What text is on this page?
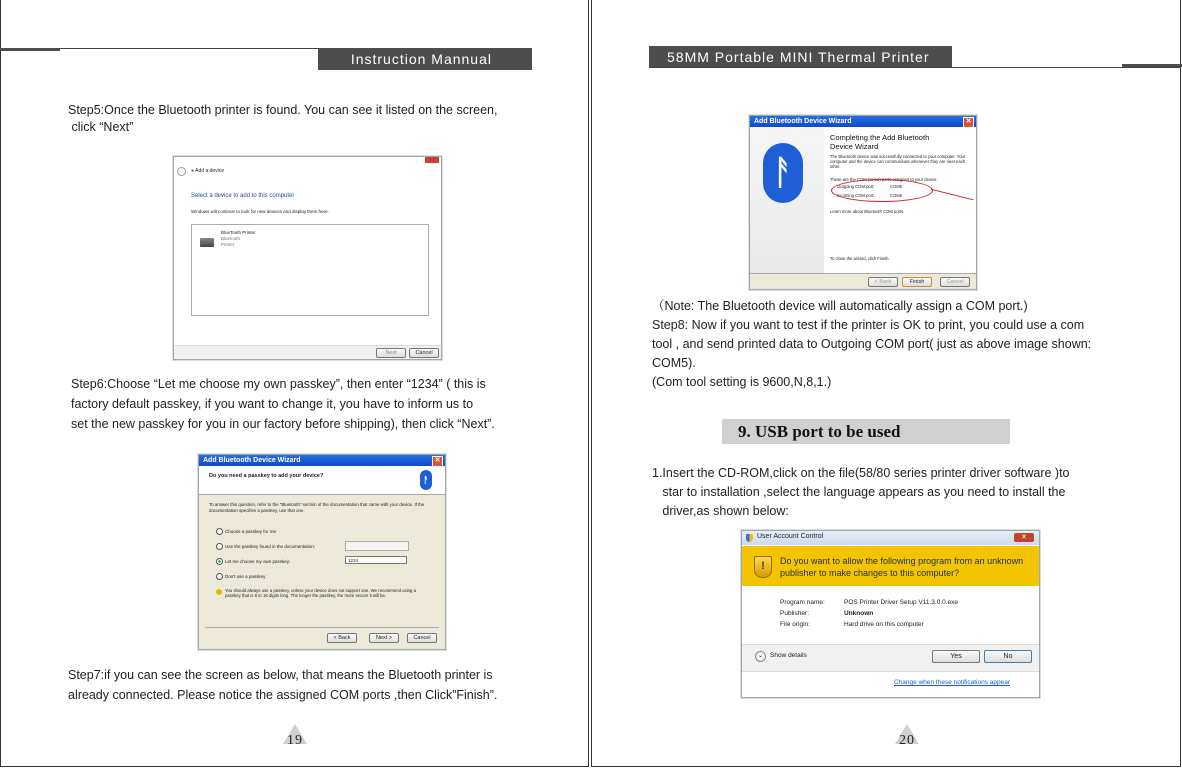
Instruction Mannual
Step5:Once the Bluetooth printer is found. You can see it listed on the screen,
click “Next”
● Add a device
Select a device to add to this computer
Windows will continue to look for new devices and display them here.
BlueTooth Printer
Bluetooth
Printer
Next	Cancel
Step6:Choose “Let me choose my own passkey”, then enter “1234” ( this is
factory default passkey, if you want to change it, you have to inform us to
set the new passkey for you in our factory before shipping), then click “Next”.
Add Bluetooth Device Wizard	✕
Do you need a passkey to add your device?	ᚨ
To answer this question, refer to the "Bluetooth" section of the documentation that came with your device. If the documentation specifies a passkey, use that one.
Choose a passkey for me
Use the passkey found in the documentation:
Let me choose my own passkey:	1234
Don't use a passkey
You should always use a passkey, unless your device does not support one. We recommend using a passkey that is 8 to 16 digits long. The longer the passkey, the more secure it will be.
< Back	Next >	Cancel
Step7:if you can see the screen as below, that means the Bluetooth printer is
already connected. Please notice the assigned COM ports ,then Click”Finish”.
19
58MM Portable MINI Thermal Printer
Add Bluetooth Device Wizard	✕
ᚨ
Completing the Add Bluetooth
Device Wizard
The Bluetooth device was successfully connected to your computer. Your computer and the device can communicate whenever they are near each other.
These are the COM (serial) ports assigned to your device.
Outgoing COM port:	COM5
Incoming COM port:	COM6
Learn more about Bluetooth COM ports.
To close the wizard, click Finish.
< Back	Finish	Cancel
（Note: The Bluetooth device will automatically assign a COM port.)
Step8: Now if you want to test if the printer is OK to print, you could use a com
tool , and send printed data to Outgoing COM port( just as above image shown:
COM5).
(Com tool setting is 9600,N,8,1.)
9. USB port to be used
1.Insert the CD-ROM,click on the file(58/80 series printer driver software )to
star to installation ,select the language appears as you need to install the
driver,as shown below:
User Account Control	✕
!	Do you want to allow the following program from an unknown publisher to make changes to this computer?
Program name:	POS Printer Driver Setup V11.3.0.0.exe
Publisher:	Unknown
File origin:	Hard drive on this computer
⌄	Show details	Yes	No
Change when these notifications appear
20
